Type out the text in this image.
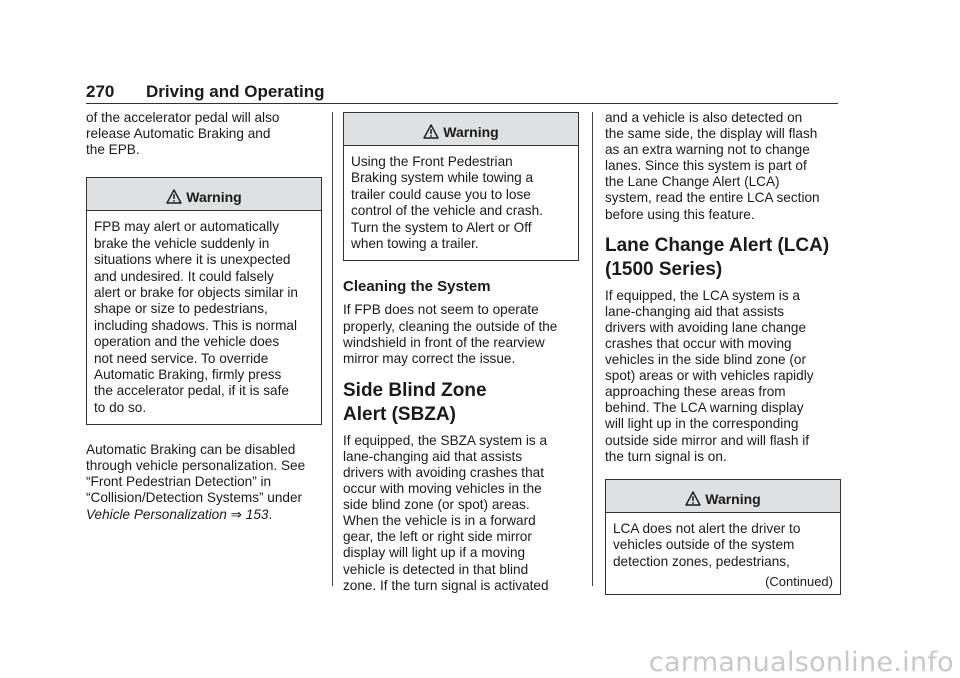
270 Driving and Operating

of the accelerator pedal will also
release Automatic Braking and
the EPB.

Warning
FPB may alert or automatically
brake the vehicle suddenly in
situations where it is unexpected
and undesired. It could falsely
alert or brake for objects similar in
shape or size to pedestrians,
including shadows. This is normal
operation and the vehicle does
not need service. To override
Automatic Braking, firmly press
the accelerator pedal, if it is safe
to do so.

Automatic Braking can be disabled
through vehicle personalization. See
“Front Pedestrian Detection” in
“Collision/Detection Systems” under
Vehicle Personalization ⇒ 153.

Warning
Using the Front Pedestrian
Braking system while towing a
trailer could cause you to lose
control of the vehicle and crash.
Turn the system to Alert or Off
when towing a trailer.
Cleaning the System

If FPB does not seem to operate
properly, cleaning the outside of the
windshield in front of the rearview
mirror may correct the issue.

Side Blind Zone
Alert (SBZA)

If equipped, the SBZA system is a
lane-changing aid that assists
drivers with avoiding crashes that
occur with moving vehicles in the
side blind zone (or spot) areas.
When the vehicle is in a forward
gear, the left or right side mirror
display will light up if a moving
vehicle is detected in that blind
zone. If the turn signal is activated

and a vehicle is also detected on
the same side, the display will flash
as an extra warning not to change
lanes. Since this system is part of
the Lane Change Alert (LCA)
system, read the entire LCA section
before using this feature.

Lane Change Alert (LCA)
(1500 Series)

If equipped, the LCA system is a
lane-changing aid that assists
drivers with avoiding lane change
crashes that occur with moving
vehicles in the side blind zone (or
spot) areas or with vehicles rapidly
approaching these areas from
behind. The LCA warning display
will light up in the corresponding
outside side mirror and will flash if
the turn signal is on.

Warning
LCA does not alert the driver to
vehicles outside of the system
detection zones, pedestrians,
(Continued)
carmanualsonline.info
